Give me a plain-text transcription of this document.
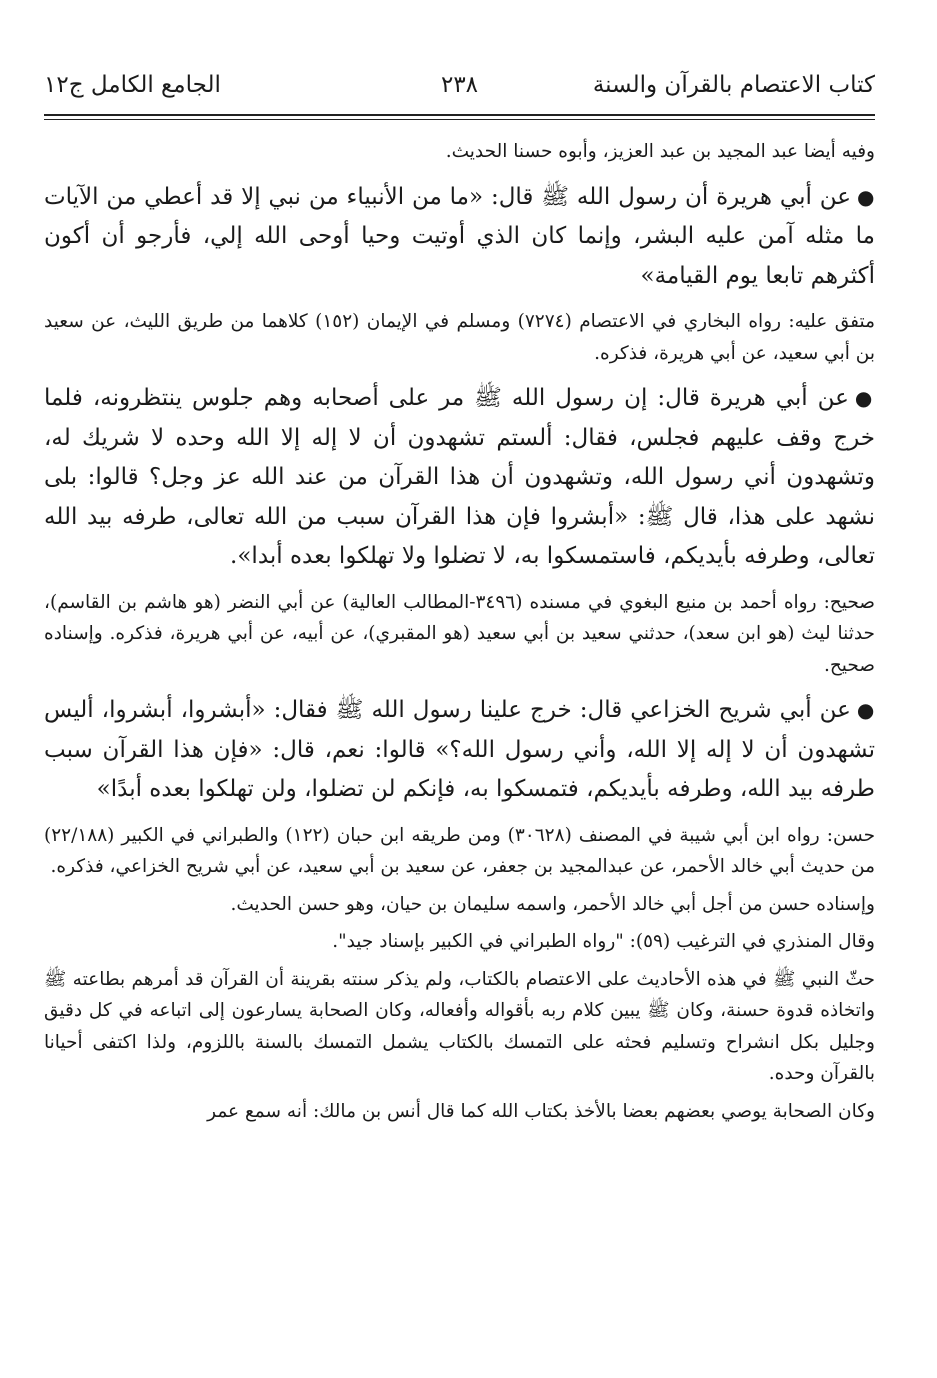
كتاب الاعتصام بالقرآن والسنة
٢٣٨
الجامع الكامل ج١٢

وفيه أيضا عبد المجيد بن عبد العزيز، وأبوه حسنا الحديث.

●عن أبي هريرة أن رسول الله ﷺ قال: «ما من الأنبياء من نبي إلا قد أعطي من الآيات ما مثله آمن عليه البشر، وإنما كان الذي أوتيت وحيا أوحى الله إلي، فأرجو أن أكون أكثرهم تابعا يوم القيامة»

متفق عليه: رواه البخاري في الاعتصام (٧٢٧٤) ومسلم في الإيمان (١٥٢) كلاهما من طريق الليث، عن سعيد بن أبي سعيد، عن أبي هريرة، فذكره.

●عن أبي هريرة قال: إن رسول الله ﷺ مر على أصحابه وهم جلوس ينتظرونه، فلما خرج وقف عليهم فجلس، فقال: ألستم تشهدون أن لا إله إلا الله وحده لا شريك له، وتشهدون أني رسول الله، وتشهدون أن هذا القرآن من عند الله عز وجل؟ قالوا: بلى نشهد على هذا، قال ﷺ: «أبشروا فإن هذا القرآن سبب من الله تعالى، طرفه بيد الله تعالى، وطرفه بأيديكم، فاستمسكوا به، لا تضلوا ولا تهلكوا بعده أبدا».

صحيح: رواه أحمد بن منيع البغوي في مسنده (٣٤٩٦-المطالب العالية) عن أبي النضر (هو هاشم بن القاسم)، حدثنا ليث (هو ابن سعد)، حدثني سعيد بن أبي سعيد (هو المقبري)، عن أبيه، عن أبي هريرة، فذكره. وإسناده صحيح.

●عن أبي شريح الخزاعي قال: خرج علينا رسول الله ﷺ فقال: «أبشروا، أبشروا، أليس تشهدون أن لا إله إلا الله، وأني رسول الله؟» قالوا: نعم، قال: «فإن هذا القرآن سبب طرفه بيد الله، وطرفه بأيديكم، فتمسكوا به، فإنكم لن تضلوا، ولن تهلكوا بعده أبدًا»

حسن: رواه ابن أبي شيبة في المصنف (٣٠٦٢٨) ومن طريقه ابن حبان (١٢٢) والطبراني في الكبير (٢٢/١٨٨) من حديث أبي خالد الأحمر، عن عبدالمجيد بن جعفر، عن سعيد بن أبي سعيد، عن أبي شريح الخزاعي، فذكره.

وإسناده حسن من أجل أبي خالد الأحمر، واسمه سليمان بن حيان، وهو حسن الحديث.

وقال المنذري في الترغيب (٥٩): "رواه الطبراني في الكبير بإسناد جيد".

حثّ النبي ﷺ في هذه الأحاديث على الاعتصام بالكتاب، ولم يذكر سنته بقرينة أن القرآن قد أمرهم بطاعته ﷺ واتخاذه قدوة حسنة، وكان ﷺ يبين كلام ربه بأقواله وأفعاله، وكان الصحابة يسارعون إلى اتباعه في كل دقيق وجليل بكل انشراح وتسليم فحثه على التمسك بالكتاب يشمل التمسك بالسنة باللزوم، ولذا اكتفى أحيانا بالقرآن وحده.

وكان الصحابة يوصي بعضهم بعضا بالأخذ بكتاب الله كما قال أنس بن مالك: أنه سمع عمر
